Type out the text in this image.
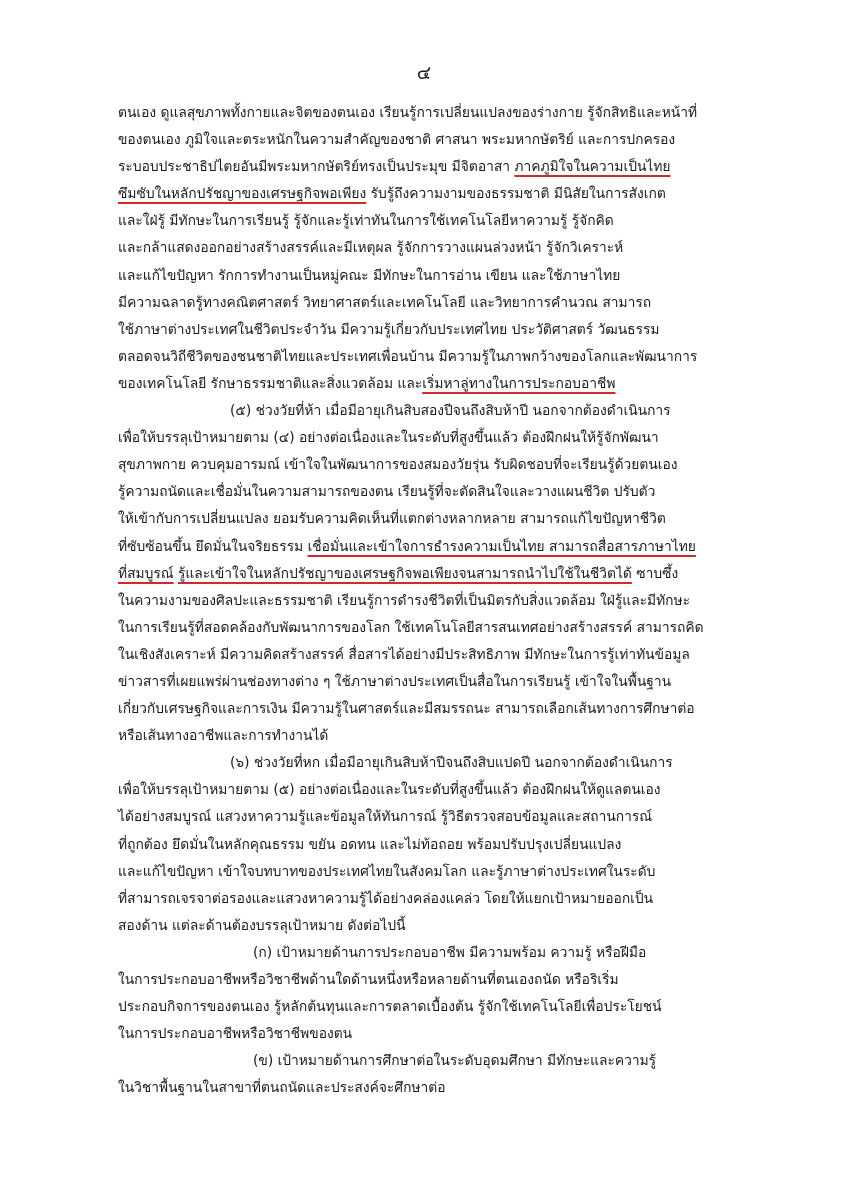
๔
ตนเอง ดูแลสุขภาพทั้งกายและจิตของตนเอง เรียนรู้การเปลี่ยนแปลงของร่างกาย รู้จักสิทธิและหน้าที่
ของตนเอง ภูมิใจและตระหนักในความสำคัญของชาติ ศาสนา พระมหากษัตริย์ และการปกครอง
ระบอบประชาธิปไตยอันมีพระมหากษัตริย์ทรงเป็นประมุข มีจิตอาสา ภาคภูมิใจในความเป็นไทย
ซึมซับในหลักปรัชญาของเศรษฐกิจพอเพียง รับรู้ถึงความงามของธรรมชาติ มีนิสัยในการสังเกต
และใฝ่รู้ มีทักษะในการเรียนรู้ รู้จักและรู้เท่าทันในการใช้เทคโนโลยีหาความรู้ รู้จักคิด
และกล้าแสดงออกอย่างสร้างสรรค์และมีเหตุผล รู้จักการวางแผนล่วงหน้า รู้จักวิเคราะห์
และแก้ไขปัญหา รักการทำงานเป็นหมู่คณะ มีทักษะในการอ่าน เขียน และใช้ภาษาไทย
มีความฉลาดรู้ทางคณิตศาสตร์ วิทยาศาสตร์และเทคโนโลยี และวิทยาการคำนวณ สามารถ
ใช้ภาษาต่างประเทศในชีวิตประจำวัน มีความรู้เกี่ยวกับประเทศไทย ประวัติศาสตร์ วัฒนธรรม
ตลอดจนวิถีชีวิตของชนชาติไทยและประเทศเพื่อนบ้าน มีความรู้ในภาพกว้างของโลกและพัฒนาการ
ของเทคโนโลยี รักษาธรรมชาติและสิ่งแวดล้อม และเริ่มหาลู่ทางในการประกอบอาชีพ
(๕) ช่วงวัยที่ห้า เมื่อมีอายุเกินสิบสองปีจนถึงสิบห้าปี นอกจากต้องดำเนินการ
เพื่อให้บรรลุเป้าหมายตาม (๔) อย่างต่อเนื่องและในระดับที่สูงขึ้นแล้ว ต้องฝึกฝนให้รู้จักพัฒนา
สุขภาพกาย ควบคุมอารมณ์ เข้าใจในพัฒนาการของสมองวัยรุ่น รับผิดชอบที่จะเรียนรู้ด้วยตนเอง
รู้ความถนัดและเชื่อมั่นในความสามารถของตน เรียนรู้ที่จะตัดสินใจและวางแผนชีวิต ปรับตัว
ให้เข้ากับการเปลี่ยนแปลง ยอมรับความคิดเห็นที่แตกต่างหลากหลาย สามารถแก้ไขปัญหาชีวิต
ที่ซับซ้อนขึ้น ยึดมั่นในจริยธรรม เชื่อมั่นและเข้าใจการธำรงความเป็นไทย สามารถสื่อสารภาษาไทย
ที่สมบูรณ์ รู้และเข้าใจในหลักปรัชญาของเศรษฐกิจพอเพียงจนสามารถนำไปใช้ในชีวิตได้ ซาบซึ้ง
ในความงามของศิลปะและธรรมชาติ เรียนรู้การดำรงชีวิตที่เป็นมิตรกับสิ่งแวดล้อม ใฝ่รู้และมีทักษะ
ในการเรียนรู้ที่สอดคล้องกับพัฒนาการของโลก ใช้เทคโนโลยีสารสนเทศอย่างสร้างสรรค์ สามารถคิด
ในเชิงสังเคราะห์ มีความคิดสร้างสรรค์ สื่อสารได้อย่างมีประสิทธิภาพ มีทักษะในการรู้เท่าทันข้อมูล
ข่าวสารที่เผยแพร่ผ่านช่องทางต่าง ๆ ใช้ภาษาต่างประเทศเป็นสื่อในการเรียนรู้ เข้าใจในพื้นฐาน
เกี่ยวกับเศรษฐกิจและการเงิน มีความรู้ในศาสตร์และมีสมรรถนะ สามารถเลือกเส้นทางการศึกษาต่อ
หรือเส้นทางอาชีพและการทำงานได้
(๖) ช่วงวัยที่หก เมื่อมีอายุเกินสิบห้าปีจนถึงสิบแปดปี นอกจากต้องดำเนินการ
เพื่อให้บรรลุเป้าหมายตาม (๕) อย่างต่อเนื่องและในระดับที่สูงขึ้นแล้ว ต้องฝึกฝนให้ดูแลตนเอง
ได้อย่างสมบูรณ์ แสวงหาความรู้และข้อมูลให้ทันการณ์ รู้วิธีตรวจสอบข้อมูลและสถานการณ์
ที่ถูกต้อง ยึดมั่นในหลักคุณธรรม ขยัน อดทน และไม่ท้อถอย พร้อมปรับปรุงเปลี่ยนแปลง
และแก้ไขปัญหา เข้าใจบทบาทของประเทศไทยในสังคมโลก และรู้ภาษาต่างประเทศในระดับ
ที่สามารถเจรจาต่อรองและแสวงหาความรู้ได้อย่างคล่องแคล่ว โดยให้แยกเป้าหมายออกเป็น
สองด้าน แต่ละด้านต้องบรรลุเป้าหมาย ดังต่อไปนี้
(ก) เป้าหมายด้านการประกอบอาชีพ มีความพร้อม ความรู้ หรือฝีมือ
ในการประกอบอาชีพหรือวิชาชีพด้านใดด้านหนึ่งหรือหลายด้านที่ตนเองถนัด หรือริเริ่ม
ประกอบกิจการของตนเอง รู้หลักต้นทุนและการตลาดเบื้องต้น รู้จักใช้เทคโนโลยีเพื่อประโยชน์
ในการประกอบอาชีพหรือวิชาชีพของตน
(ข) เป้าหมายด้านการศึกษาต่อในระดับอุดมศึกษา มีทักษะและความรู้
ในวิชาพื้นฐานในสาขาที่ตนถนัดและประสงค์จะศึกษาต่อ
